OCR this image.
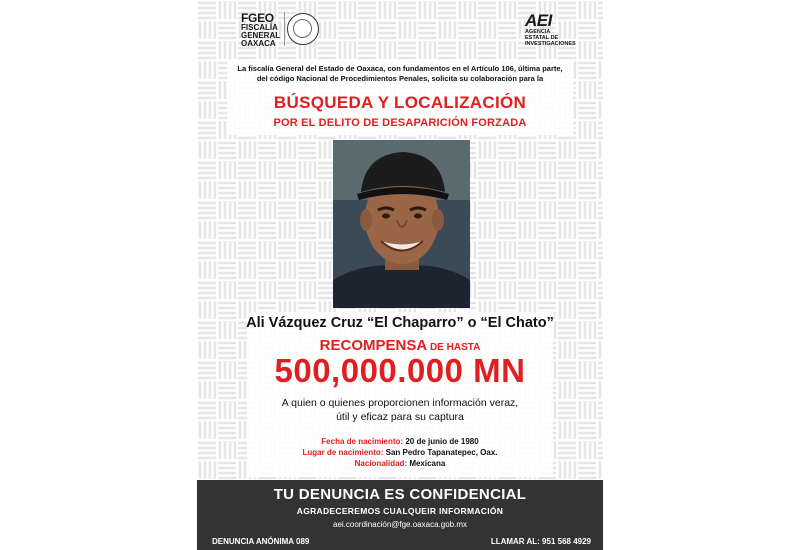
FGEO
FISCALÍA
GENERAL
OAXACA
AEI
AGENCIA
ESTATAL DE
INVESTIGACIONES
La fiscalía General del Estado de Oaxaca, con fundamentos en el Artículo 106, última parte, del código Nacional de Procedimientos Penales, solicita su colaboración para la
BÚSQUEDA Y LOCALIZACIÓN
POR EL DELITO DE DESAPARICIÓN FORZADA
Ali Vázquez Cruz “El Chaparro” o “El Chato”
RECOMPENSA DE HASTA
500,000.000 MN
A quien o quienes proporcionen información veraz,
útil y eficaz para su captura
Fecha de nacimiento: 20 de junio de 1980
Lugar de nacimiento: San Pedro Tapanatepec, Oax.
Nacionalidad: Mexicana
TU DENUNCIA ES CONFIDENCIAL
AGRADECEREMOS CUALQUEIR INFORMACIÓN
aei.coordinación@fge.oaxaca.gob.mx
DENUNCIA ANÓNIMA 089	LLAMAR AL: 951 568 4929
